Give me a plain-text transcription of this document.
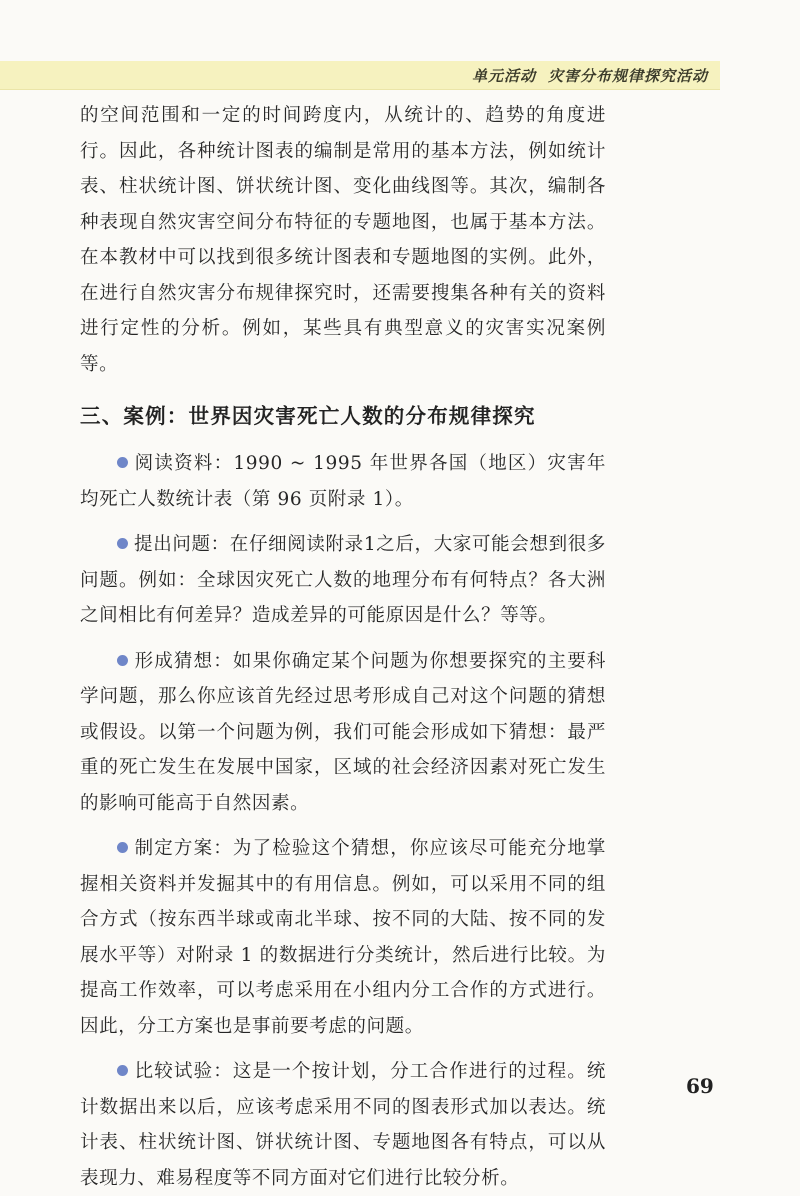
单元活动 灾害分布规律探究活动

的空间范围和一定的时间跨度内，从统计的、趋势的角度进行。因此，各种统计图表的编制是常用的基本方法，例如统计表、柱状统计图、饼状统计图、变化曲线图等。其次，编制各种表现自然灾害空间分布特征的专题地图，也属于基本方法。在本教材中可以找到很多统计图表和专题地图的实例。此外，在进行自然灾害分布规律探究时，还需要搜集各种有关的资料进行定性的分析。例如，某些具有典型意义的灾害实况案例等。

三、案例：世界因灾害死亡人数的分布规律探究

阅读资料：1990 ~ 1995 年世界各国（地区）灾害年均死亡人数统计表（第 96 页附录 1）。

提出问题：在仔细阅读附录1之后，大家可能会想到很多问题。例如：全球因灾死亡人数的地理分布有何特点？各大洲之间相比有何差异？造成差异的可能原因是什么？等等。

形成猜想：如果你确定某个问题为你想要探究的主要科学问题，那么你应该首先经过思考形成自己对这个问题的猜想或假设。以第一个问题为例，我们可能会形成如下猜想：最严重的死亡发生在发展中国家，区域的社会经济因素对死亡发生的影响可能高于自然因素。

制定方案：为了检验这个猜想，你应该尽可能充分地掌握相关资料并发掘其中的有用信息。例如，可以采用不同的组合方式（按东西半球或南北半球、按不同的大陆、按不同的发展水平等）对附录 1 的数据进行分类统计，然后进行比较。为提高工作效率，可以考虑采用在小组内分工合作的方式进行。因此，分工方案也是事前要考虑的问题。

比较试验：这是一个按计划，分工合作进行的过程。统计数据出来以后，应该考虑采用不同的图表形式加以表达。统计表、柱状统计图、饼状统计图、专题地图各有特点，可以从表现力、难易程度等不同方面对它们进行比较分析。

69
